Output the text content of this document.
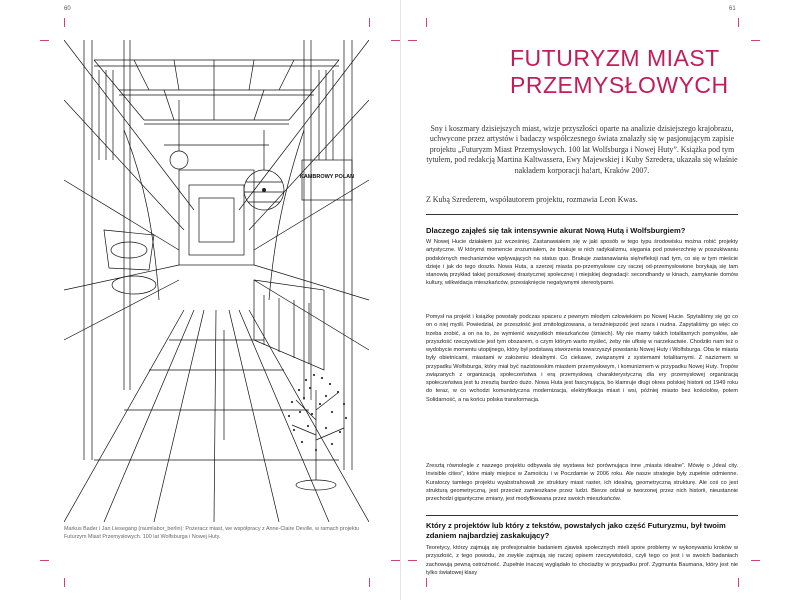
60	61
KAMBROWY POLAN
Markus Bader i Jan Liesegang (raumlabor_berlin): Pożeracz miast, we współpracy z Anne-Claire Deville, w ramach projektu Futurzym Miast Przemysłowych. 100 lat Wolfsburga i Nowej Huty.
FUTURYZM MIAST PRZEMYSŁOWYCH
Sny i koszmary dzisiejszych miast, wizje przyszłości oparte na analizie dzisiejszego krajobrazu, uchwycone przez artystów i badaczy współczesnego świata znalazły się w pasjonującym zapisie projektu „Futuryzm Miast Przemysłowych. 100 lat Wolfsburga i Nowej Huty”. Książka pod tym tytułem, pod redakcją Martina Kaltwassera, Ewy Majewskiej i Kuby Szredera, ukazała się właśnie nakładem korporacji ha!art, Kraków 2007.
Z Kubą Szrederem, współautorem projektu, rozmawia Leon Kwas.
Dlaczego zająłeś się tak intensywnie akurat Nową Hutą i Wolfsburgiem?

W Nowej Hucie działałem już wcześniej. Zastanawiałem się w jaki sposób w tego typu środowisku można robić projekty artystyczne. W którymś momencie zrozumiałem, że brakuje w nich radykalizmu, sięgania pod powierzchnię w poszukiwaniu podskórnych mechanizmów wpływających na status quo. Brakuje zastanawiania się/refleksji nad tym, co się w tym mieście dzieje i jak do tego doszło. Nowa Huta, a szerzej miasta po-przemysłowe czy raczej od-przemysłowione borykają się tam stanowią przykład takiej porażkowej drastycznej społecznej i miejskiej degradacji: secondhandy w kinach, zamykanie domów kultury, wlikwidacja mieszkańców, przesiąknięcie negatywnymi stereotypami.

Pomysł na projekt i książkę powstały podczas spaceru z pewnym młodym człowiekiem po Nowej Hucie. Spytaliśmy się go co on o niej myśli. Powiedział, że przeszłość jest zmitologizowana, a teraźniejszość jest szara i nudna. Zapytaliśmy go więc co trzeba zrobić, a on na to, że wymienić wszystkich mieszkańców (śmiech). My nie mamy takich totalitarnych pomysłów, ale przyszłość rzeczywiście jest tym obszarem, o czym którym warto myśleć, żeby nie ufksię w narzekactwie. Chodziło nam też o wydobycie momentu utopijnego, który był podstawą stworzenia towarzyszył powstaniu Nowej Huty i Wolfsburga. Oba te miasta były obietnicami, miastami w założeniu idealnymi. Co ciekawe, związanymi z systemami totalitarnymi. Z nazizmem w przypadku Wolfsburga, który miał być nazistowskim miastem przemysłowym, i komunizmem w przypadku Nowej Huty. Tropów związanych z organizacją społeczeństwa i erą przemysłową charakterystyczną dla ery przemysłowej organizacją społeczeństwa jest tu zresztą bardzo dużo. Nowa Huta jest fascynująca, bo klamruje długi okres polskiej historii od 1949 roku do teraz, w co wchodzi komunistyczna modernizacja, elektryfikacja miast i wsi, później miasto bez kościołów, potem Solidarność, a na końcu polska transformacja.

Zresztą równolegle z naszego projektu odbywała się wystawa też porównująca inne „miasta idealne”. Mówię o „Ideal city. Invisible cities”, które miały miejsce w Zamościu i w Poczdamie w 2006 roku. Ale nasze strategie były zupełnie odmienne. Kuratorzy tamtego projektu wyabstrahowali ze struktury miast raster, ich idealną, geometryczną strukturę. Ale coś co jest strukturą geometryczną, jest przecież zamieszkane przez ludzi. Bierze odział w tworzonej przez nich historii, nieustannie przechodzi gigantyczne zmiany, jest modyfikowana przez swoich mieszkańców.

Który z projektów lub który z tekstów, powstałych jako część Futuryzmu, był twoim zdaniem najbardziej zaskakujący?

Teoretycy, którzy zajmują się profesjonalnie badaniem zjawisk społecznych mieli spore problemy w wykonywaniu kroków w przyszłość, z tego powodu, że zwykle zajmują się raczej opisem rzeczywistości, czyli tego co jest i w swoich badaniach zachowują pewną ostrożność. Zupełnie inaczej wyglądało to chociażby w przypadku prof. Zygmunta Baumana, który jest nie tylko światowej klasy
